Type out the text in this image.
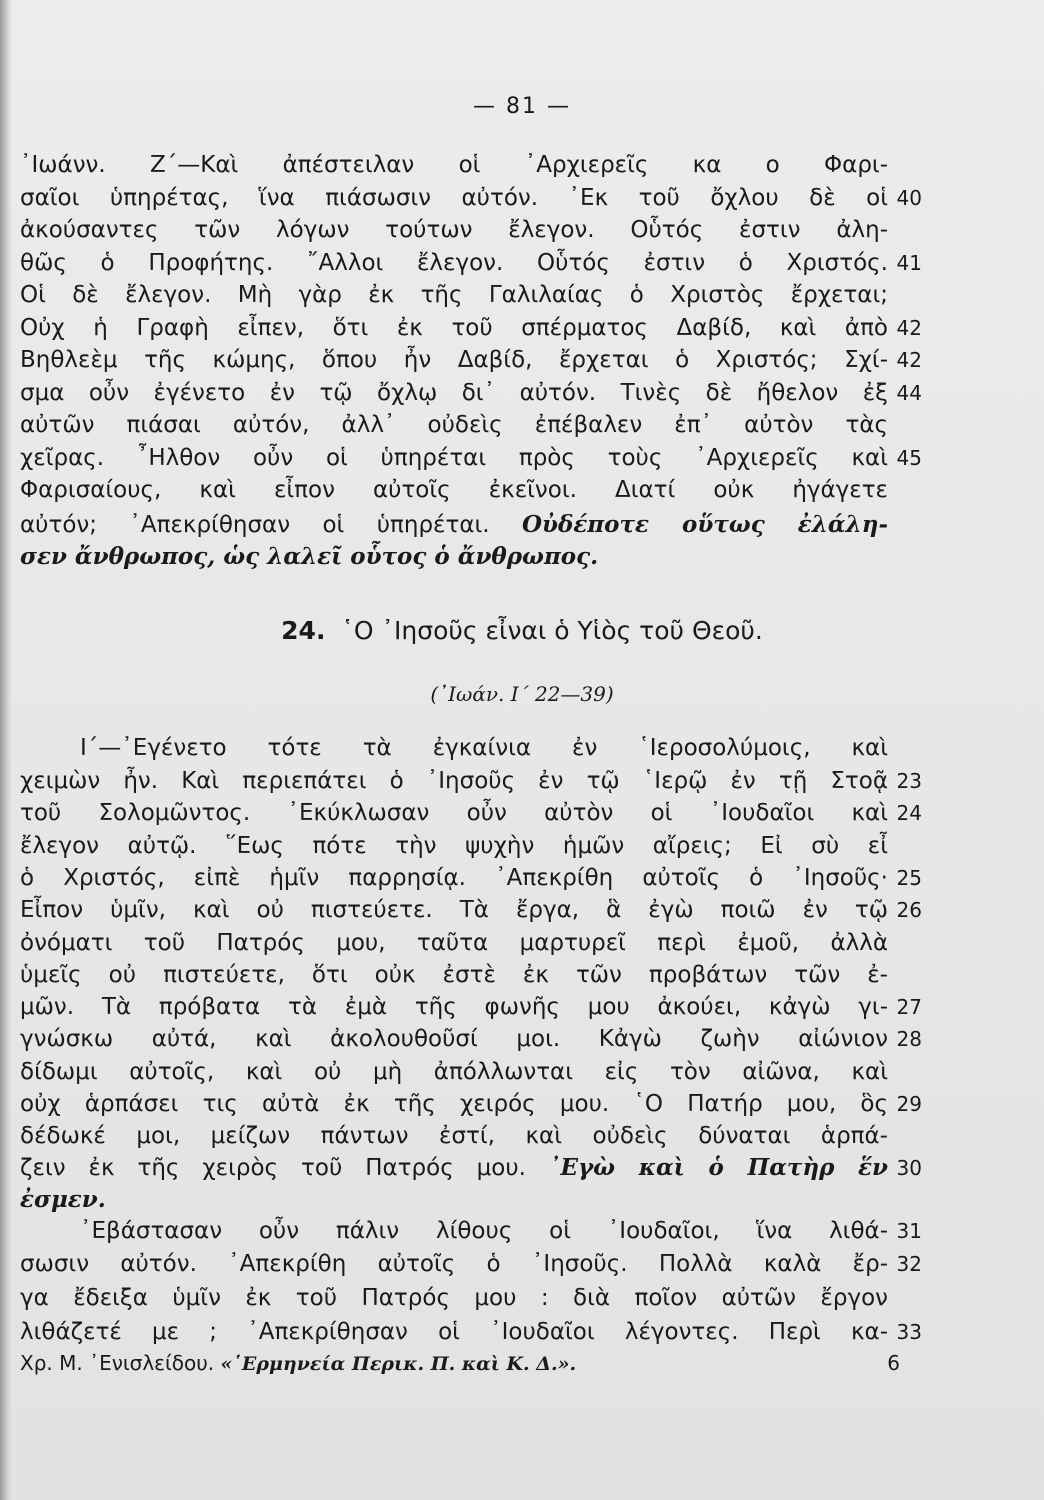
— 81 —
᾿Ιωάνν. Ζ΄—Καὶ ἀπέστειλαν οἱ ᾿Αρχιερεῖς κα ο Φαρι-
σαῖοι ὑπηρέτας, ἵνα πιάσωσιν αὐτόν. ᾿Εκ τοῦ ὄχλου δὲ οἱ 40
ἀκούσαντες τῶν λόγων τούτων ἔλεγον. Οὗτός ἐστιν ἀλη-
θῶς ὁ Προφήτης. ῎Αλλοι ἔλεγον. Οὗτός ἐστιν ὁ Χριστός. 41
Οἱ δὲ ἔλεγον. Μὴ γὰρ ἐκ τῆς Γαλιλαίας ὁ Χριστὸς ἔρχεται;
Οὐχ ἡ Γραφὴ εἶπεν, ὅτι ἐκ τοῦ σπέρματος Δαβίδ, καὶ ἀπὸ 42
Βηθλεὲμ τῆς κώμης, ὅπου ἦν Δαβίδ, ἔρχεται ὁ Χριστός; Σχί- 42
σμα οὖν ἐγένετο ἐν τῷ ὄχλῳ δι᾿ αὐτόν. Τινὲς δὲ ἤθελον ἐξ 44
αὐτῶν πιάσαι αὐτόν, ἀλλ᾿ οὐδεὶς ἐπέβαλεν ἐπ᾿ αὐτὸν τὰς
χεῖρας. ῏Ηλθον οὖν οἱ ὑπηρέται πρὸς τοὺς ᾿Αρχιερεῖς καὶ 45
Φαρισαίους, καὶ εἶπον αὐτοῖς ἐκεῖνοι. Διατί οὐκ ἠγάγετε
αὐτόν; ᾿Απεκρίθησαν οἱ ὑπηρέται. Οὐδέποτε οὕτως ἐλάλη-
σεν ἄνθρωπος, ὡς λαλεῖ οὗτος ὁ ἄνθρωπος.
24. ῾Ο ᾿Ιησοῦς εἶναι ὁ Υἱὸς τοῦ Θεοῦ.
(᾿Ιωάν. Ι΄ 22—39)
Ι΄—᾿Εγένετο τότε τὰ ἐγκαίνια ἐν ῾Ιεροσολύμοις, καὶ
χειμὼν ἦν. Καὶ περιεπάτει ὁ ᾿Ιησοῦς ἐν τῷ ῾Ιερῷ ἐν τῇ Στοᾷ 23
τοῦ Σολομῶντος. ᾿Εκύκλωσαν οὖν αὐτὸν οἱ ᾿Ιουδαῖοι καὶ 24
ἔλεγον αὐτῷ. ῞Εως πότε τὴν ψυχὴν ἡμῶν αἴρεις; Εἰ σὺ εἶ
ὁ Χριστός, εἰπὲ ἡμῖν παρρησίᾳ. ᾿Απεκρίθη αὐτοῖς ὁ ᾿Ιησοῦς· 25
Εἶπον ὑμῖν, καὶ οὐ πιστεύετε. Τὰ ἔργα, ἃ ἐγὼ ποιῶ ἐν τῷ 26
ὀνόματι τοῦ Πατρός μου, ταῦτα μαρτυρεῖ περὶ ἐμοῦ, ἀλλὰ
ὑμεῖς οὐ πιστεύετε, ὅτι οὐκ ἐστὲ ἐκ τῶν προβάτων τῶν ἐ-
μῶν. Τὰ πρόβατα τὰ ἐμὰ τῆς φωνῆς μου ἀκούει, κἀγὼ γι- 27
γνώσκω αὐτά, καὶ ἀκολουθοῦσί μοι. Κἀγὼ ζωὴν αἰώνιον 28
δίδωμι αὐτοῖς, καὶ οὐ μὴ ἀπόλλωνται εἰς τὸν αἰῶνα, καὶ
οὐχ ἁρπάσει τις αὐτὰ ἐκ τῆς χειρός μου. ῾Ο Πατήρ μου, ὃς 29
δέδωκέ μοι, μείζων πάντων ἐστί, καὶ οὐδεὶς δύναται ἁρπά-
ζειν ἐκ τῆς χειρὸς τοῦ Πατρός μου. ᾿Εγὼ καὶ ὁ Πατὴρ ἕν 30
ἐσμεν.
᾿Εβάστασαν οὖν πάλιν λίθους οἱ ᾿Ιουδαῖοι, ἵνα λιθά- 31
σωσιν αὐτόν. ᾿Απεκρίθη αὐτοῖς ὁ ᾿Ιησοῦς. Πολλὰ καλὰ ἔρ- 32
γα ἔδειξα ὑμῖν ἐκ τοῦ Πατρός μου : διὰ ποῖον αὐτῶν ἔργον
λιθάζετέ με ; ᾿Απεκρίθησαν οἱ ᾿Ιουδαῖοι λέγοντες. Περὶ κα- 33
Χρ. Μ. ᾿Ενισλείδου. «῾Ερμηνεία Περικ. Π. καὶ Κ. Δ.».	6
